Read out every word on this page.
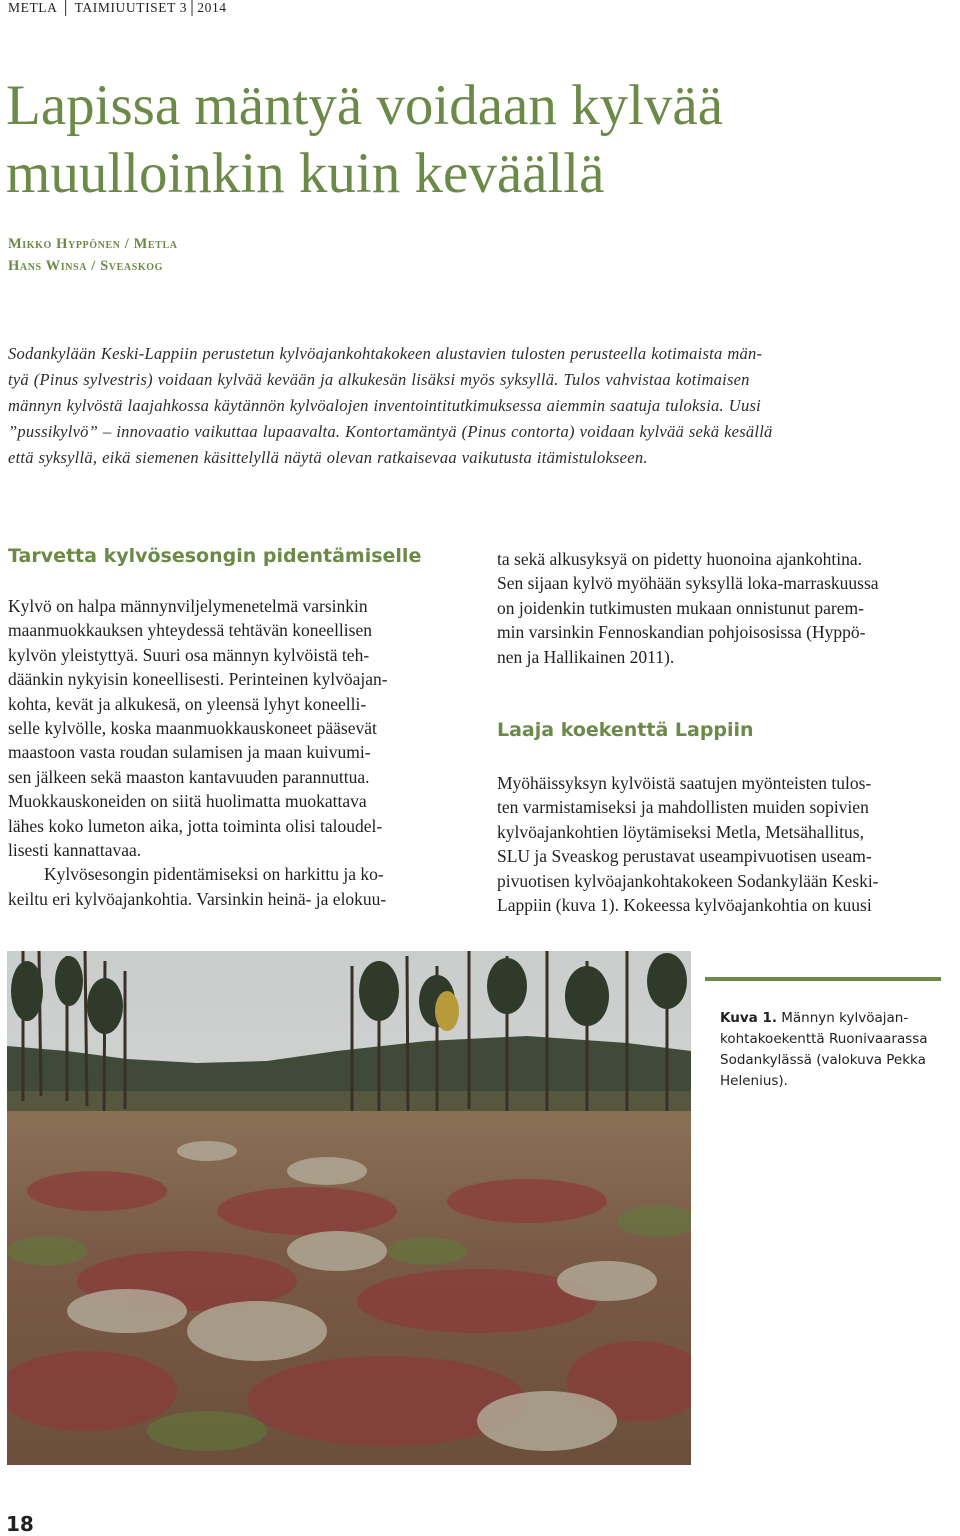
METLA │ TAIMIUUTISET 3│2014
Lapissa mäntyä voidaan kylvää
muulloinkin kuin keväällä
Mikko Hyppönen / Metla
Hans Winsa / Sveaskog

Sodankylään Keski-Lappiin perustetun kylvöajankohtakokeen alustavien tulosten perusteella kotimaista män-
tyä (Pinus sylvestris) voidaan kylvää kevään ja alkukesän lisäksi myös syksyllä. Tulos vahvistaa kotimaisen
männyn kylvöstä laajahkossa käytännön kylvöalojen inventointitutkimuksessa aiemmin saatuja tuloksia. Uusi
”pussikylvö” – innovaatio vaikuttaa lupaavalta. Kontortamäntyä (Pinus contorta) voidaan kylvää sekä kesällä
että syksyllä, eikä siemenen käsittelyllä näytä olevan ratkaisevaa vaikutusta itämistulokseen.

Tarvetta kylvösesongin pidentämiselle

Kylvö on halpa männynviljelymenetelmä varsinkin
maanmuokkauksen yhteydessä tehtävän koneellisen
kylvön yleistyttyä. Suuri osa männyn kylvöistä teh-
däänkin nykyisin koneellisesti. Perinteinen kylvöajan-
kohta, kevät ja alkukesä, on yleensä lyhyt koneelli-
selle kylvölle, koska maanmuokkauskoneet pääsevät
maastoon vasta roudan sulamisen ja maan kuivumi-
sen jälkeen sekä maaston kantavuuden parannuttua.
Muokkauskoneiden on siitä huolimatta muokattava
lähes koko lumeton aika, jotta toiminta olisi taloudel-
lisesti kannattavaa.

Kylvösesongin pidentämiseksi on harkittu ja ko-
keiltu eri kylvöajankohtia. Varsinkin heinä- ja elokuu-

ta sekä alkusyksyä on pidetty huonoina ajankohtina.
Sen sijaan kylvö myöhään syksyllä loka-marraskuussa
on joidenkin tutkimusten mukaan onnistunut parem-
min varsinkin Fennoskandian pohjoisosissa (Hyppö-
nen ja Hallikainen 2011).

Laaja koekenttä Lappiin

Myöhäissyksyn kylvöistä saatujen myönteisten tulos-
ten varmistamiseksi ja mahdollisten muiden sopivien
kylvöajankohtien löytämiseksi Metla, Metsähallitus,
SLU ja Sveaskog perustavat useampivuotisen useam-
pivuotisen kylvöajankohtakokeen Sodankylään Keski-
Lappiin (kuva 1). Kokeessa kylvöajankohtia on kuusi

Kuva 1. Männyn kylvöajan-
kohtakoekenttä Ruonivaarassa
Sodankylässä (valokuva Pekka
Helenius).

18
